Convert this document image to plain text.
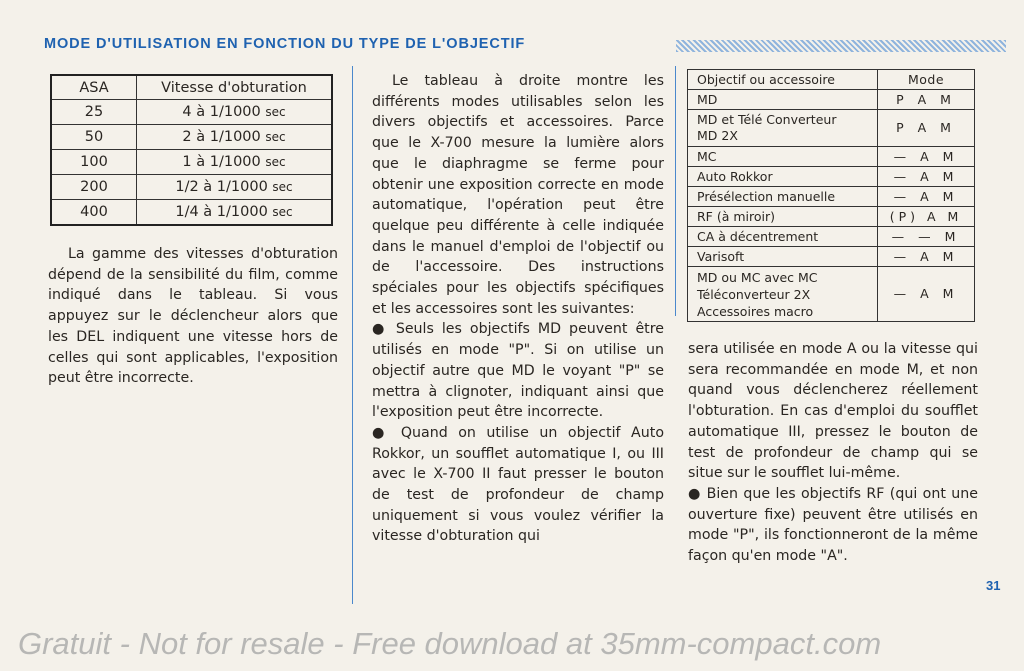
MODE D'UTILISATION EN FONCTION DU TYPE DE L'OBJECTIF
ASA	Vitesse d'obturation
25	4 à 1/1000 sec
50	2 à 1/1000 sec
100	1 à 1/1000 sec
200	1/2 à 1/1000 sec
400	1/4 à 1/1000 sec

La gamme des vitesses d'obturation dépend de la sensibilité du film, comme indiqué dans le tableau. Si vous appuyez sur le déclencheur alors que les DEL indiquent une vitesse hors de celles qui sont applicables, l'exposition peut être incorrecte.

Le tableau à droite montre les différents modes utilisables selon les divers objectifs et accessoires. Parce que le X-700 mesure la lumière alors que le diaphragme se ferme pour obtenir une exposition correcte en mode automatique, l'opération peut être quelque peu différente à celle indiquée dans le manuel d'emploi de l'objectif ou de l'accessoire. Des instructions spéciales pour les objectifs spécifiques et les accessoires sont les suivantes:
● Seuls les objectifs MD peuvent être utilisés en mode "P". Si on utilise un objectif autre que MD le voyant "P" se mettra à clignoter, indiquant ainsi que l'exposition peut être incorrecte.
● Quand on utilise un objectif Auto Rokkor, un soufflet automatique I, ou III avec le X-700 II faut presser le bouton de test de profondeur de champ uniquement si vous voulez vérifier la vitesse d'obturation qui
Objectif ou accessoire	Mode
MD	P A M
MD et Télé Converteur MD 2X	P A M
MC	— A M
Auto Rokkor	— A M
Présélection manuelle	— A M
RF (à miroir)	(P) A M
CA à décentrement	— — M
Varisoft	— A M
MD ou MC avec MC Téléconverteur 2X Accessoires macro	— A M
sera utilisée en mode A ou la vitesse qui sera recommandée en mode M, et non quand vous déclencherez réellement l'obturation. En cas d'emploi du soufflet automatique III, pressez le bouton de test de profondeur de champ qui se situe sur le soufflet lui-même.
● Bien que les objectifs RF (qui ont une ouverture fixe) peuvent être utilisés en mode "P", ils fonctionneront de la même façon qu'en mode "A".
31
Gratuit - Not for resale - Free download at 35mm-compact.com
